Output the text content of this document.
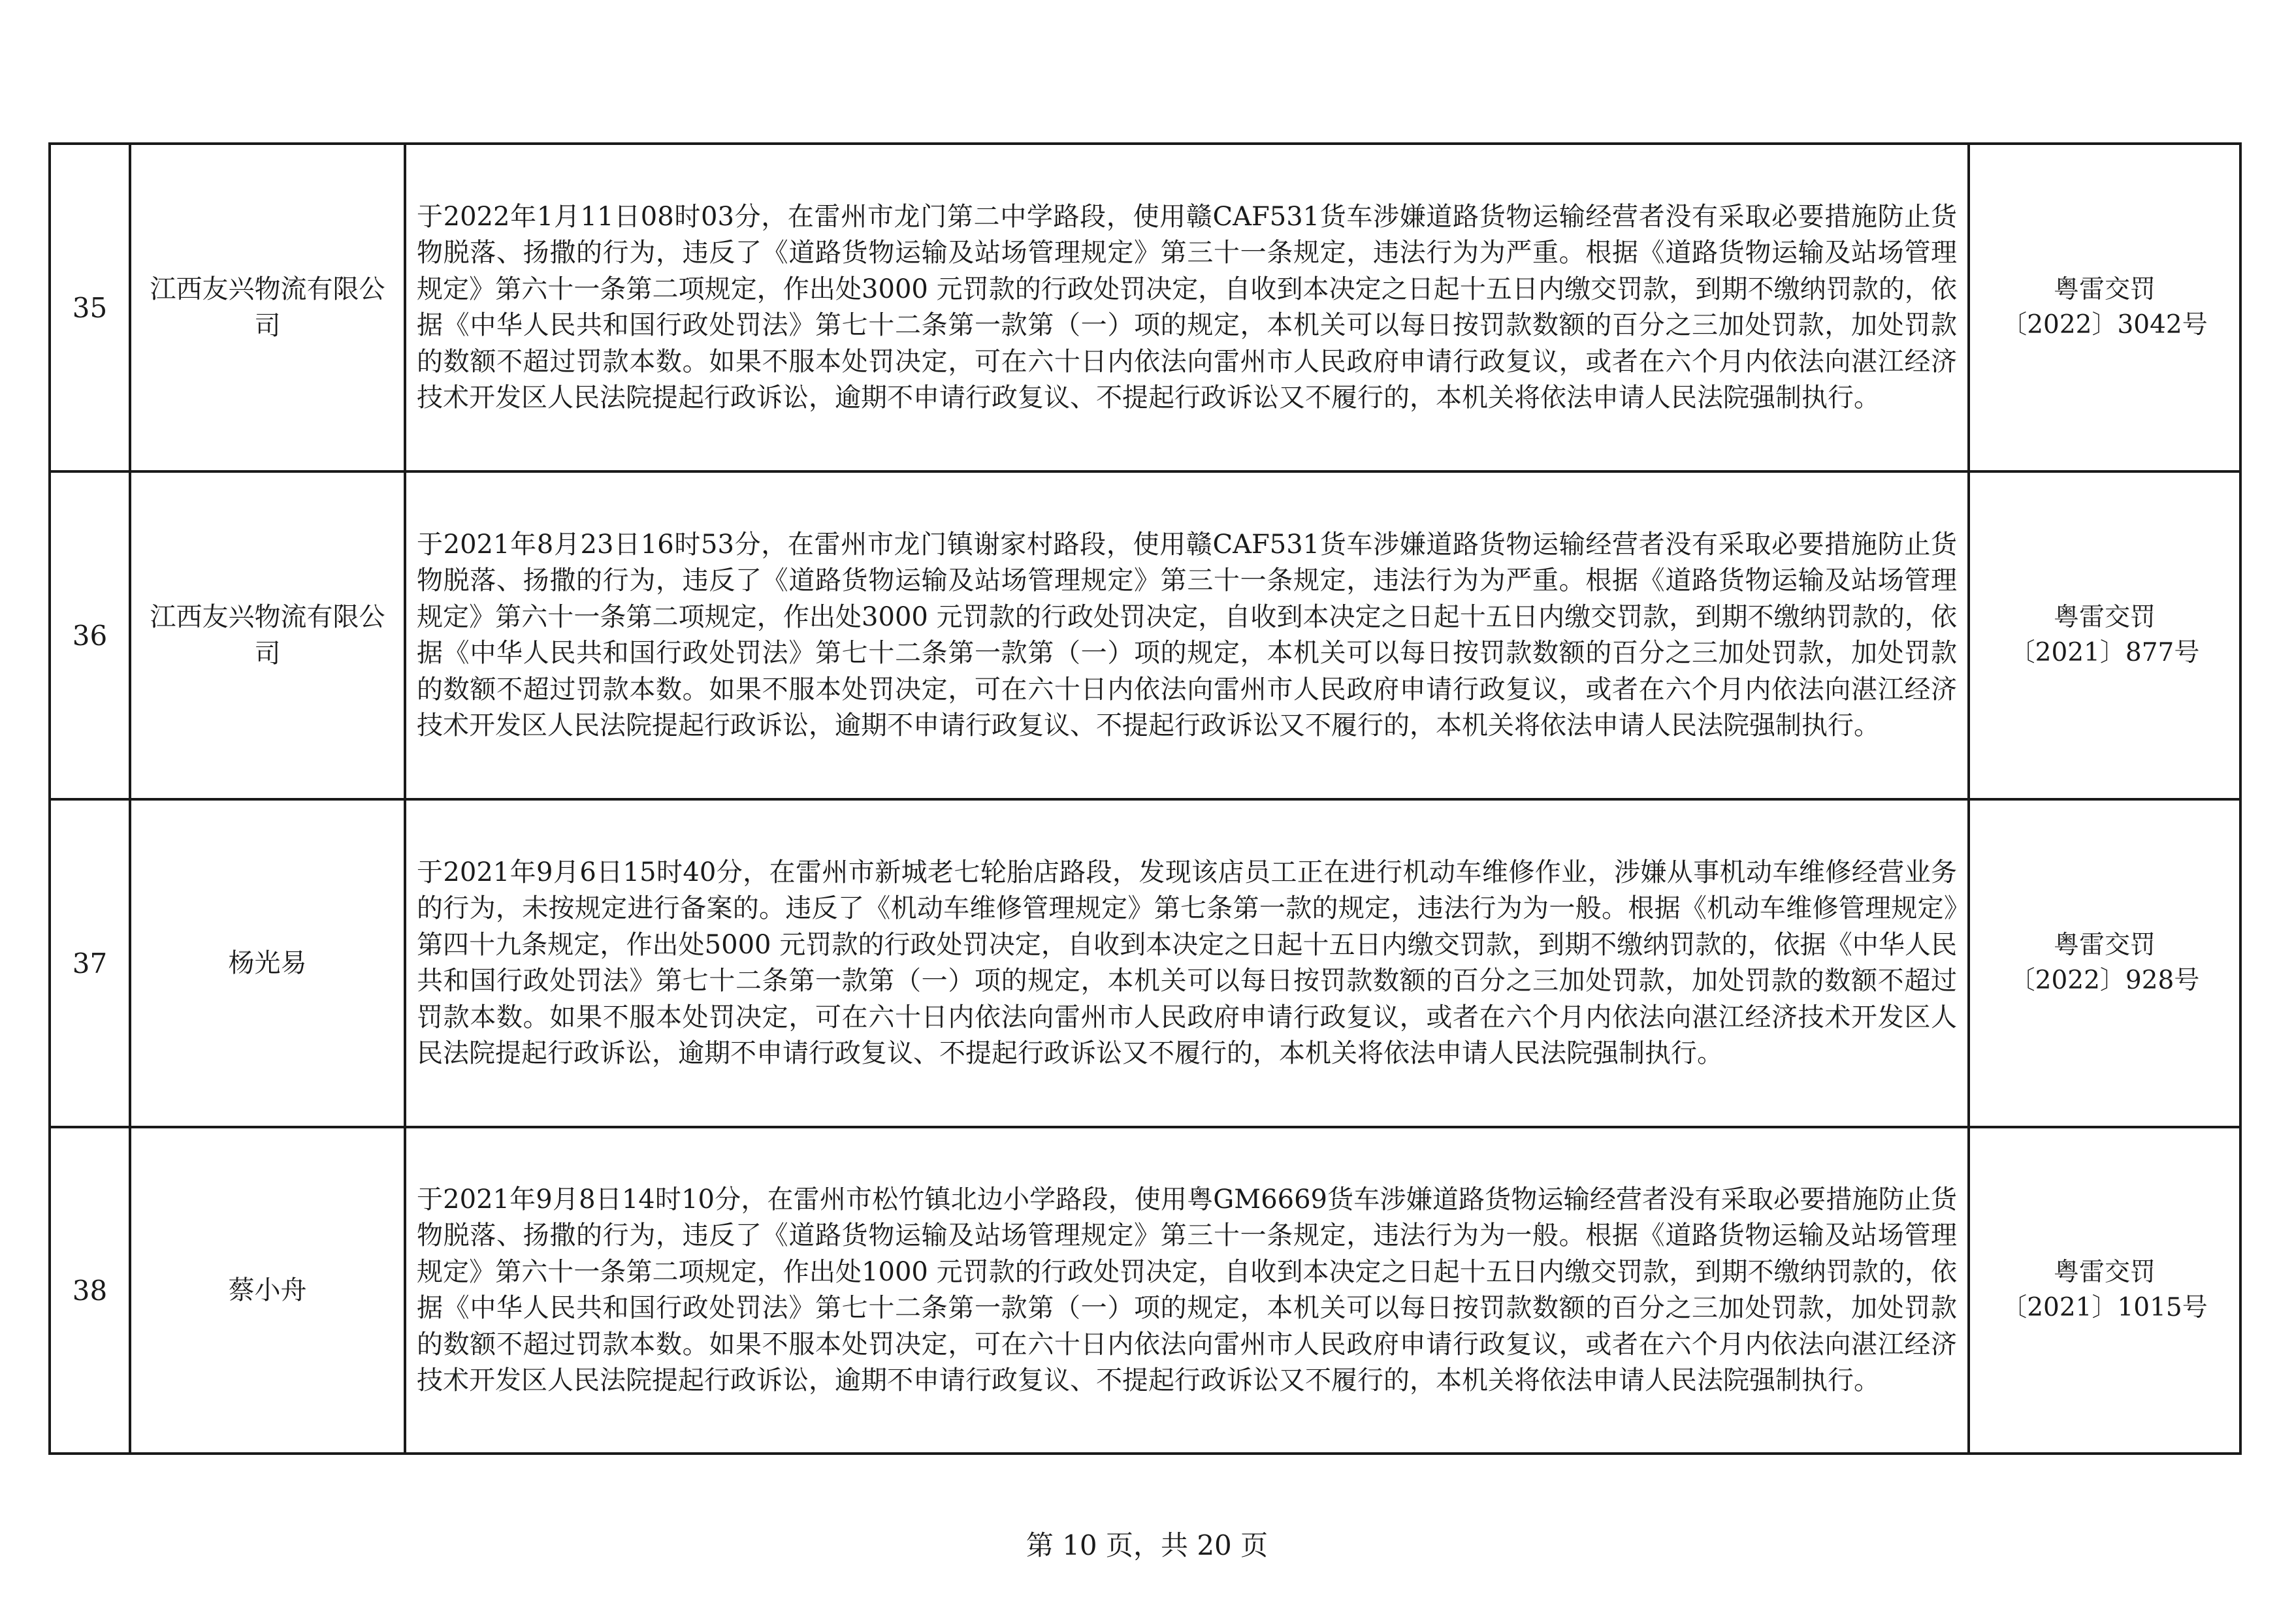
35	江西友兴物流有限公司	于2022年1月11日08时03分，在雷州市龙门第二中学路段，使用赣CAF531货车涉嫌道路货物运输经营者没有采取必要措施防止货物脱落、扬撒的行为，违反了《道路货物运输及站场管理规定》第三十一条规定，违法行为为严重。根据《道路货物运输及站场管理规定》第六十一条第二项规定，作出处3000 元罚款的行政处罚决定，自收到本决定之日起十五日内缴交罚款，到期不缴纳罚款的，依据《中华人民共和国行政处罚法》第七十二条第一款第（一）项的规定，本机关可以每日按罚款数额的百分之三加处罚款，加处罚款的数额不超过罚款本数。如果不服本处罚决定，可在六十日内依法向雷州市人民政府申请行政复议，或者在六个月内依法向湛江经济技术开发区人民法院提起行政诉讼，逾期不申请行政复议、不提起行政诉讼又不履行的，本机关将依法申请人民法院强制执行。	粤雷交罚
〔2022〕3042号

36	江西友兴物流有限公司	于2021年8月23日16时53分，在雷州市龙门镇谢家村路段，使用赣CAF531货车涉嫌道路货物运输经营者没有采取必要措施防止货物脱落、扬撒的行为，违反了《道路货物运输及站场管理规定》第三十一条规定，违法行为为严重。根据《道路货物运输及站场管理规定》第六十一条第二项规定，作出处3000 元罚款的行政处罚决定，自收到本决定之日起十五日内缴交罚款，到期不缴纳罚款的，依据《中华人民共和国行政处罚法》第七十二条第一款第（一）项的规定，本机关可以每日按罚款数额的百分之三加处罚款，加处罚款的数额不超过罚款本数。如果不服本处罚决定，可在六十日内依法向雷州市人民政府申请行政复议，或者在六个月内依法向湛江经济技术开发区人民法院提起行政诉讼，逾期不申请行政复议、不提起行政诉讼又不履行的，本机关将依法申请人民法院强制执行。	粤雷交罚
〔2021〕877号

37	杨光易	于2021年9月6日15时40分，在雷州市新城老七轮胎店路段，发现该店员工正在进行机动车维修作业，涉嫌从事机动车维修经营业务的行为，未按规定进行备案的。违反了《机动车维修管理规定》第七条第一款的规定，违法行为为一般。根据《机动车维修管理规定》第四十九条规定，作出处5000 元罚款的行政处罚决定，自收到本决定之日起十五日内缴交罚款，到期不缴纳罚款的，依据《中华人民共和国行政处罚法》第七十二条第一款第（一）项的规定，本机关可以每日按罚款数额的百分之三加处罚款，加处罚款的数额不超过罚款本数。如果不服本处罚决定，可在六十日内依法向雷州市人民政府申请行政复议，或者在六个月内依法向湛江经济技术开发区人民法院提起行政诉讼，逾期不申请行政复议、不提起行政诉讼又不履行的，本机关将依法申请人民法院强制执行。	粤雷交罚
〔2022〕928号

38	蔡小舟	于2021年9月8日14时10分，在雷州市松竹镇北边小学路段，使用粤GM6669货车涉嫌道路货物运输经营者没有采取必要措施防止货物脱落、扬撒的行为，违反了《道路货物运输及站场管理规定》第三十一条规定，违法行为为一般。根据《道路货物运输及站场管理规定》第六十一条第二项规定，作出处1000 元罚款的行政处罚决定，自收到本决定之日起十五日内缴交罚款，到期不缴纳罚款的，依据《中华人民共和国行政处罚法》第七十二条第一款第（一）项的规定，本机关可以每日按罚款数额的百分之三加处罚款，加处罚款的数额不超过罚款本数。如果不服本处罚决定，可在六十日内依法向雷州市人民政府申请行政复议，或者在六个月内依法向湛江经济技术开发区人民法院提起行政诉讼，逾期不申请行政复议、不提起行政诉讼又不履行的，本机关将依法申请人民法院强制执行。	粤雷交罚
〔2021〕1015号
第 10 页，共 20 页
